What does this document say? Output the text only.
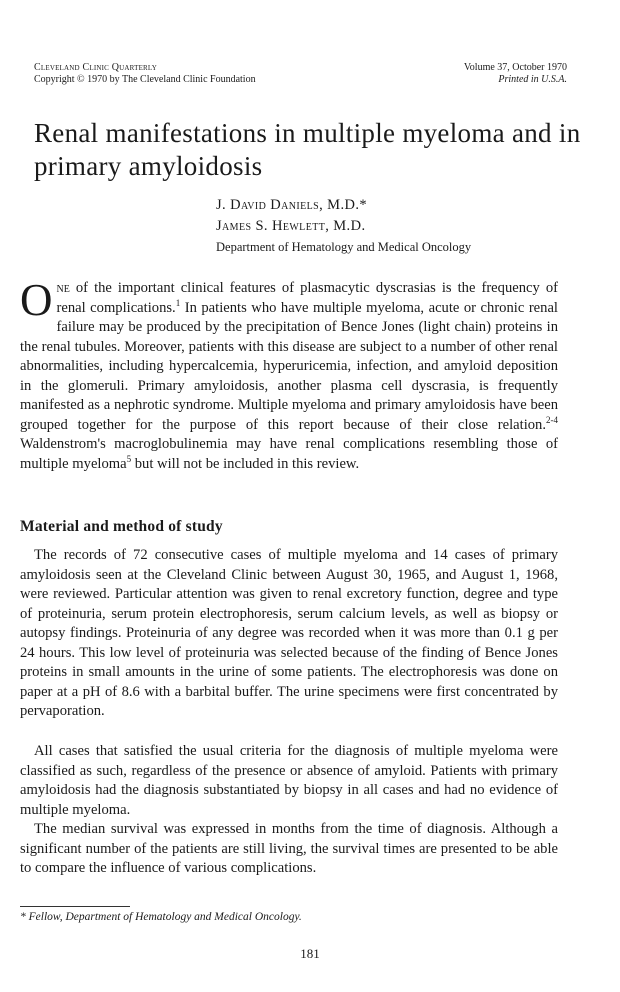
Cleveland Clinic Quarterly
Copyright © 1970 by The Cleveland Clinic Foundation
Volume 37, October 1970
Printed in U.S.A.
Renal manifestations in multiple myeloma and in primary amyloidosis
J. David Daniels, M.D.*
James S. Hewlett, M.D.
Department of Hematology and Medical Oncology
One of the important clinical features of plasmacytic dyscrasias is the frequency of renal complications.$^1$ In patients who have multiple myeloma, acute or chronic renal failure may be produced by the precipitation of Bence Jones (light chain) proteins in the renal tubules. Moreover, patients with this disease are subject to a number of other renal abnormalities, including hypercalcemia, hyperuricemia, infection, and amyloid deposition in the glomeruli. Primary amyloidosis, another plasma cell dyscrasia, is frequently manifested as a nephrotic syndrome. Multiple myeloma and primary amyloidosis have been grouped together for the purpose of this report because of their close relation.$^{2-4}$ Waldenstrom's macroglobulinemia may have renal complications resembling those of multiple myeloma$^5$ but will not be included in this review.
Material and method of study
The records of 72 consecutive cases of multiple myeloma and 14 cases of primary amyloidosis seen at the Cleveland Clinic between August 30, 1965, and August 1, 1968, were reviewed. Particular attention was given to renal excretory function, degree and type of proteinuria, serum protein electrophoresis, serum calcium levels, as well as biopsy or autopsy findings. Proteinuria of any degree was recorded when it was more than 0.1 g per 24 hours. This low level of proteinuria was selected because of the finding of Bence Jones proteins in small amounts in the urine of some patients. The electrophoresis was done on paper at a pH of 8.6 with a barbital buffer. The urine specimens were first concentrated by pervaporation.
All cases that satisfied the usual criteria for the diagnosis of multiple myeloma were classified as such, regardless of the presence or absence of amyloid. Patients with primary amyloidosis had the diagnosis substantiated by biopsy in all cases and had no evidence of multiple myeloma.
The median survival was expressed in months from the time of diagnosis. Although a significant number of the patients are still living, the survival times are presented to be able to compare the influence of various complications.
* Fellow, Department of Hematology and Medical Oncology.
181
